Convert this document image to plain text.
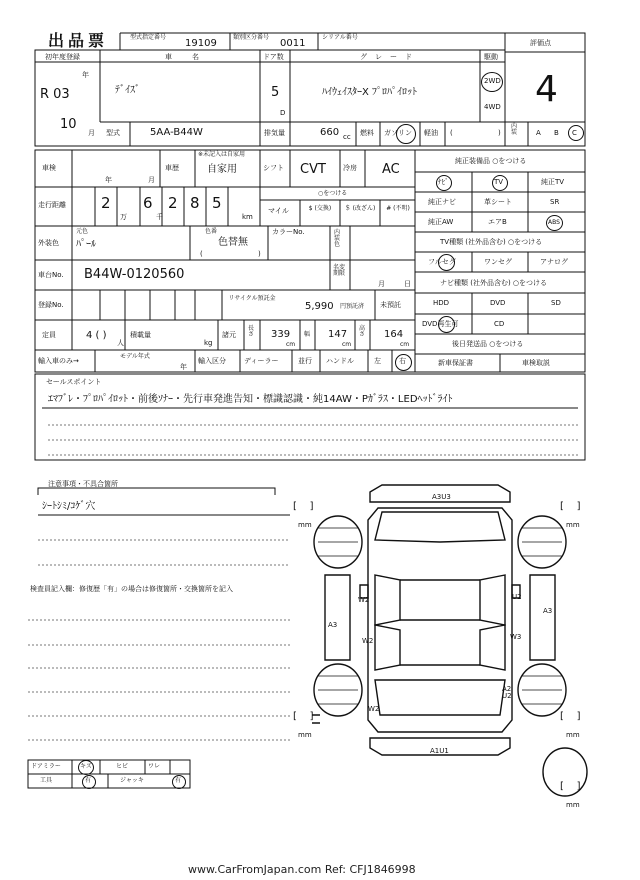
出品票	型式指定番号
19109
類別区分番号
0011
シリアル番号
評価点
4
初年度登録
R 03
年
10
月
車名
ﾃﾞｲｽﾞ
ドア数
5
D
グレード
ﾊｲｳｪｲｽﾀｰX ﾌﾟﾛﾊﾟｲﾛｯﾄ
駆動
2WD
4WD
型式	5AA-B44W	排気量	660 cc 燃料 ガソリン 軽油 (	)
内装	A B C
車検
年	月
※未記入は自家用
車歴	自家用	シフト CVT 冷房 AC
走行距離 2
万
6
千
2 8 5
km
○をつける
マイル	$ (交換)	＄ (改ざん)	# (不明)
外装色
元色
ﾊﾟｰﾙ
色番
色替無
(	)
カラーNo.	内装色
車台No. B44W-0120560	名変期限
月	日
登録No.
リサイクル預託金
5,990 円預託済 未預託
定員	4 ( )
人
積載量
kg
諸元
長さ 339
cm
幅 147
cm
高さ 164
cm
輸入車のみ→
モデル年式
年
輸入区分	ディーラー	並行 ハンドル	左	右
純正装備品 ○をつける
ﾅﾋﾞ	TV	純正TV
純正ナビ	革シート	SR
純正AW	エアB	ABS
TV種類 (社外品含む) ○をつける
フルセグ	ワンセグ	アナログ
ナビ種類 (社外品含む) ○をつける
HDD	DVD	SD
DVD再生可	CD
後日発送品 ○をつける
新車保証書	車検取説
セールスポイント
ｴﾏﾌﾞﾚ・ﾌﾟﾛﾊﾟｲﾛｯﾄ・前後ｿﾅｰ・先行車発進告知・標識認識・純14AW・Pｶﾞﾗｽ・LEDﾍｯﾄﾞﾗｲﾄ
注意事項・不具合箇所
ｼｰﾄｼﾐ/ｺｹﾞ穴
検査員記入欄：修復歴「有」の場合は修復箇所・交換箇所を記入
A3U3
W2	U2
A3
A3
W2	W3
A2 U2
W2
A1U1
[    ]
mm
[    ]
mm
[    ]
mm
[    ]
mm
[    ]
mm
ドアミラー	キズ	ヒビ	ワレ
工具	有	ジャッキ	有
www.CarFromJapan.com Ref: CFJ1846998
